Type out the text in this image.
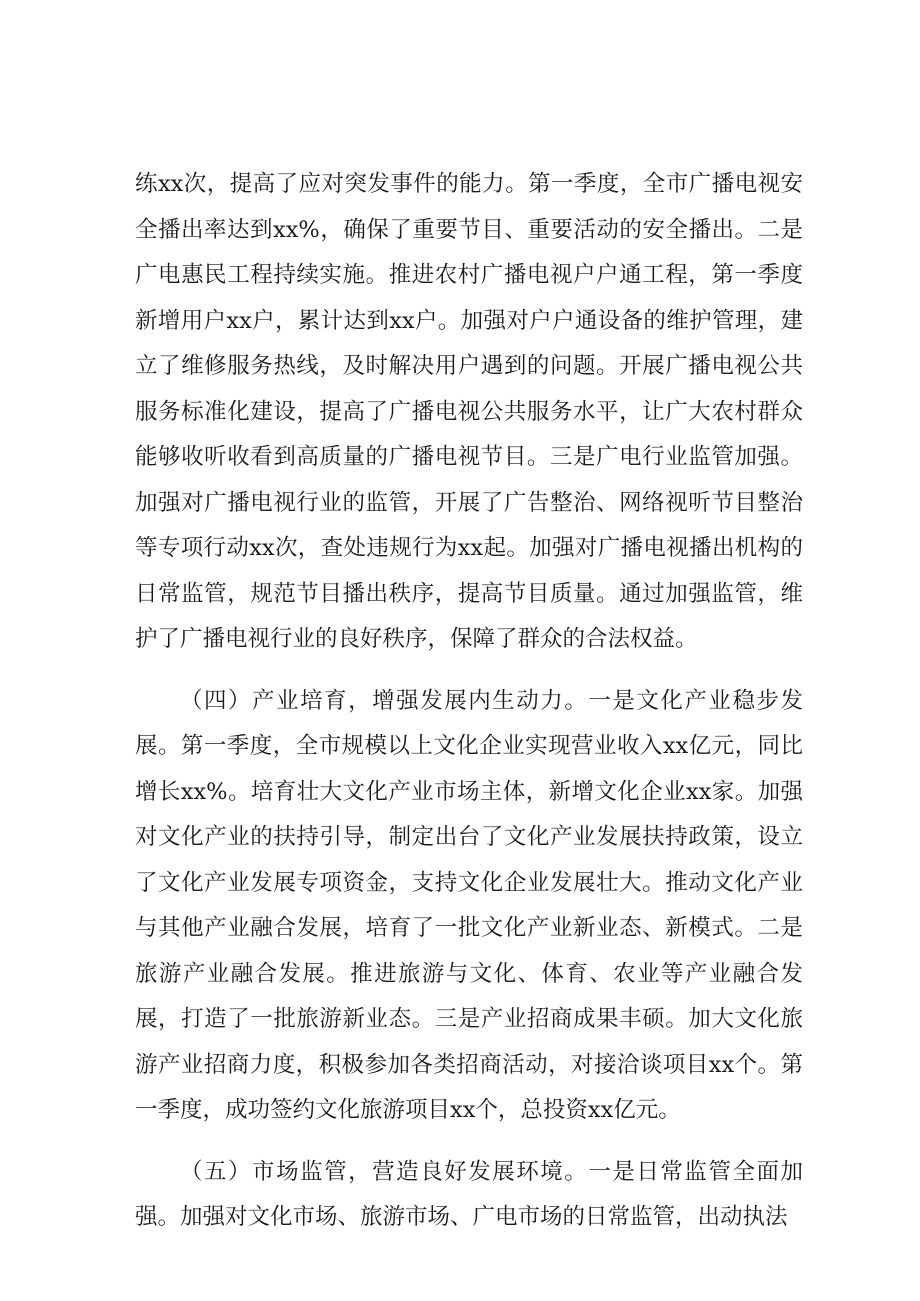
练xx次，提高了应对突发事件的能力。第一季度，全市广播电视安全播出率达到xx%，确保了重要节目、重要活动的安全播出。二是广电惠民工程持续实施。推进农村广播电视户户通工程，第一季度新增用户xx户，累计达到xx户。加强对户户通设备的维护管理，建立了维修服务热线，及时解决用户遇到的问题。开展广播电视公共服务标准化建设，提高了广播电视公共服务水平，让广大农村群众能够收听收看到高质量的广播电视节目。三是广电行业监管加强。加强对广播电视行业的监管，开展了广告整治、网络视听节目整治等专项行动xx次，查处违规行为xx起。加强对广播电视播出机构的日常监管，规范节目播出秩序，提高节目质量。通过加强监管，维护了广播电视行业的良好秩序，保障了群众的合法权益。

（四）产业培育，增强发展内生动力。一是文化产业稳步发展。第一季度，全市规模以上文化企业实现营业收入xx亿元，同比增长xx%。培育壮大文化产业市场主体，新增文化企业xx家。加强对文化产业的扶持引导，制定出台了文化产业发展扶持政策，设立了文化产业发展专项资金，支持文化企业发展壮大。推动文化产业与其他产业融合发展，培育了一批文化产业新业态、新模式。二是旅游产业融合发展。推进旅游与文化、体育、农业等产业融合发展，打造了一批旅游新业态。三是产业招商成果丰硕。加大文化旅游产业招商力度，积极参加各类招商活动，对接洽谈项目xx个。第一季度，成功签约文化旅游项目xx个，总投资xx亿元。

（五）市场监管，营造良好发展环境。一是日常监管全面加强。加强对文化市场、旅游市场、广电市场的日常监管，出动执法
